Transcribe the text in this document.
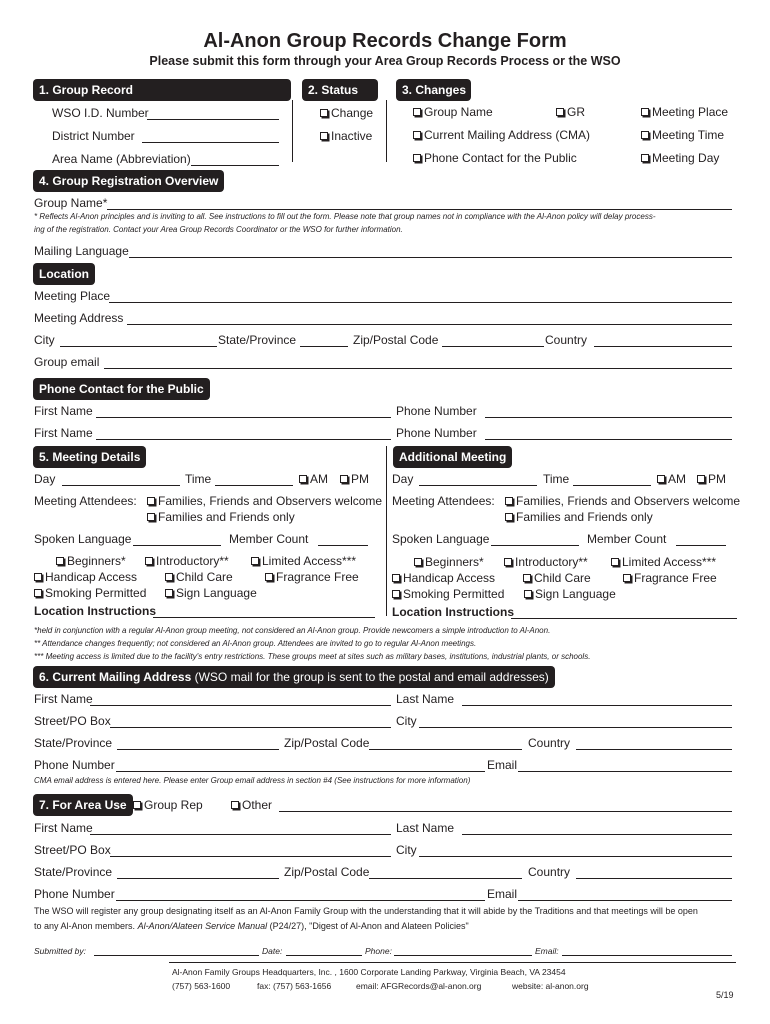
Al-Anon Group Records Change Form
Please submit this form through your Area Group Records Process or the WSO
1. Group Record	2. Status	3. Changes
WSO I.D. Number
District Number
Area Name (Abbreviation)
Change
Inactive
Group Name	GR	Meeting Place
Current Mailing Address (CMA)	Meeting Time
Phone Contact for the Public	Meeting Day
4. Group Registration Overview
Group Name*
* Reflects Al-Anon principles and is inviting to all. See instructions to fill out the form. Please note that group names not in compliance with the Al-Anon policy will delay process-
ing of the registration. Contact your Area Group Records Coordinator or the WSO for further information.
Mailing Language
Location
Meeting Place
Meeting Address
City	State/Province	Zip/Postal Code	Country
Group email
Phone Contact for the Public
First Name	Phone Number
First Name	Phone Number
5. Meeting Details
Day	Time	AM	PM
Meeting Attendees:	Families, Friends and Observers welcome
Families and Friends only
Spoken Language	Member Count
Beginners*	Introductory**	Limited Access***
Handicap Access	Child Care	Fragrance Free
Smoking Permitted	Sign Language
Location Instructions
Additional Meeting
Day	Time	AM	PM
Meeting Attendees:	Families, Friends and Observers welcome
Families and Friends only
Spoken Language	Member Count
Beginners*	Introductory**	Limited Access***
Handicap Access	Child Care	Fragrance Free
Smoking Permitted	Sign Language
Location Instructions
*held in conjunction with a regular Al-Anon group meeting, not considered an Al-Anon group. Provide newcomers a simple introduction to Al-Anon.
** Attendance changes frequently; not considered an Al-Anon group. Attendees are invited to go to regular Al-Anon meetings.
*** Meeting access is limited due to the facility's entry restrictions. These groups meet at sites such as military bases, institutions, industrial plants, or schools.
6. Current Mailing Address (WSO mail for the group is sent to the postal and email addresses)
First Name	Last Name
Street/PO Box	City
State/Province	Zip/Postal Code	Country
Phone Number	Email
CMA email address is entered here. Please enter Group email address in section #4 (See instructions for more information)
7. For Area Use	Group Rep	Other
First Name	Last Name
Street/PO Box	City
State/Province	Zip/Postal Code	Country
Phone Number	Email
The WSO will register any group designating itself as an Al-Anon Family Group with the understanding that it will abide by the Traditions and that meetings will be open
to any Al-Anon members. Al-Anon/Alateen Service Manual (P24/27), "Digest of Al-Anon and Alateen Policies"
Submitted by:	Date:	Phone:	Email:
Al-Anon Family Groups Headquarters, Inc. , 1600 Corporate Landing Parkway, Virginia Beach, VA 23454
(757) 563-1600	fax: (757) 563-1656	email: AFGRecords@al-anon.org	website: al-anon.org
5/19
